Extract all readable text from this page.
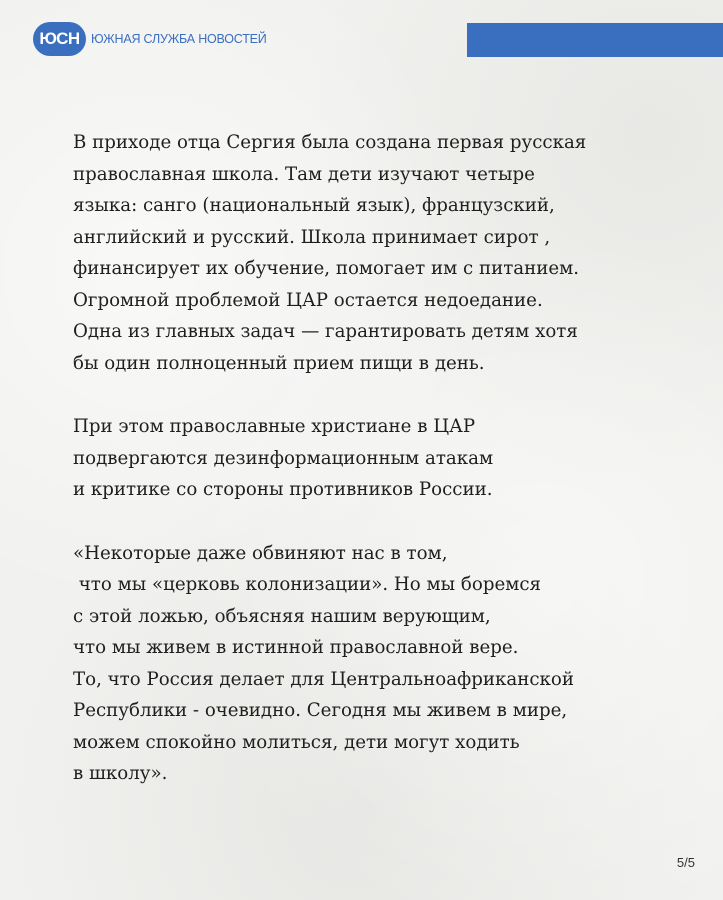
ЮСН ЮЖНАЯ СЛУЖБА НОВОСТЕЙ
В приходе отца Сергия была создана первая русская
православная школа. Там дети изучают четыре
языка: санго (национальный язык), французский,
английский и русский. Школа принимает сирот ,
финансирует их обучение, помогает им с питанием.
Огромной проблемой ЦАР остается недоедание.
Одна из главных задач — гарантировать детям хотя
бы один полноценный прием пищи в день.
При этом православные христиане в ЦАР
подвергаются дезинформационным атакам
и критике со стороны противников России.
«Некоторые даже обвиняют нас в том,
что мы «церковь колонизации». Но мы боремся
с этой ложью, объясняя нашим верующим,
что мы живем в истинной православной вере.
То, что Россия делает для Центральноафриканской
Республики - очевидно. Сегодня мы живем в мире,
можем спокойно молиться, дети могут ходить
в школу».
5/5
